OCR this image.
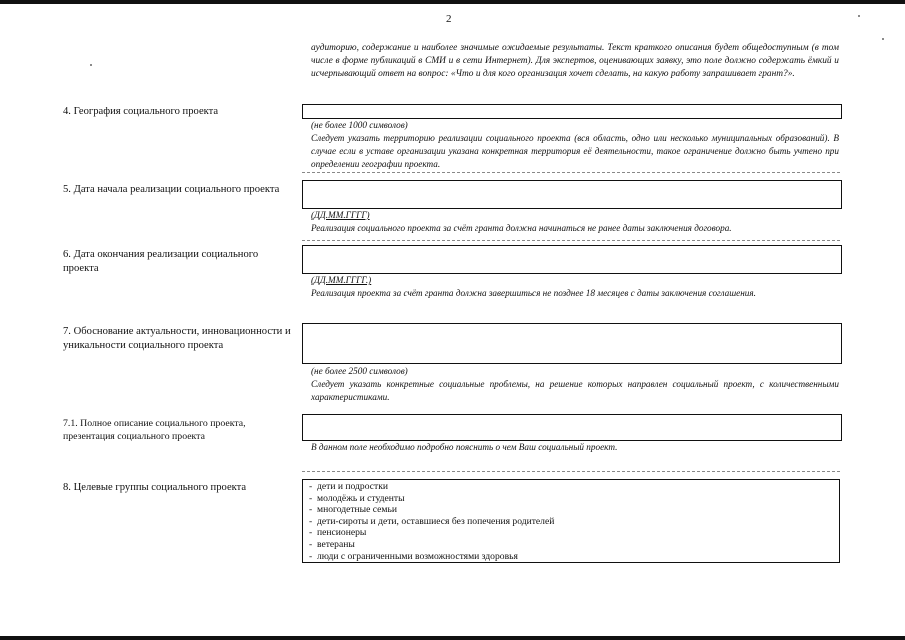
2
аудиторию, содержание и наиболее значимые ожидаемые результаты. Текст краткого описания будет общедоступным (в том числе в форме публикаций в СМИ и в сети Интернет). Для экспертов, оценивающих заявку, это поле должно содержать ёмкий и исчерпывающий ответ на вопрос: «Что и для кого организация хочет сделать, на какую работу запрашивает грант?».
4. География социального проекта
(не более 1000 символов)
Следует указать территорию реализации социального проекта (вся область, одно или несколько муниципальных образований). В случае если в уставе организации указана конкретная территория её деятельности, такое ограничение должно быть учтено при определении географии проекта.
5. Дата начала реализации социального проекта
(ДД.ММ.ГГГГ)
Реализация социального проекта за счёт гранта должна начинаться не ранее даты заключения договора.
6. Дата окончания реализации социального проекта
(ДД.ММ.ГГГГ.)
Реализация проекта за счёт гранта должна завершиться не позднее 18 месяцев с даты заключения соглашения.
7. Обоснование актуальности, инновационности и уникальности социального проекта
(не более 2500 символов)
Следует указать конкретные социальные проблемы, на решение которых направлен социальный проект, с количественными характеристиками.
7.1. Полное описание социального проекта, презентация социального проекта
В данном поле необходимо подробно пояснить о чем Ваш социальный проект.
8. Целевые группы социального проекта
-	дети и подростки
-  молодёжь и студенты
-  многодетные семьи
-  дети-сироты и дети, оставшиеся без попечения родителей
-  пенсионеры
-  ветераны
-  люди с ограниченными возможностями здоровья
